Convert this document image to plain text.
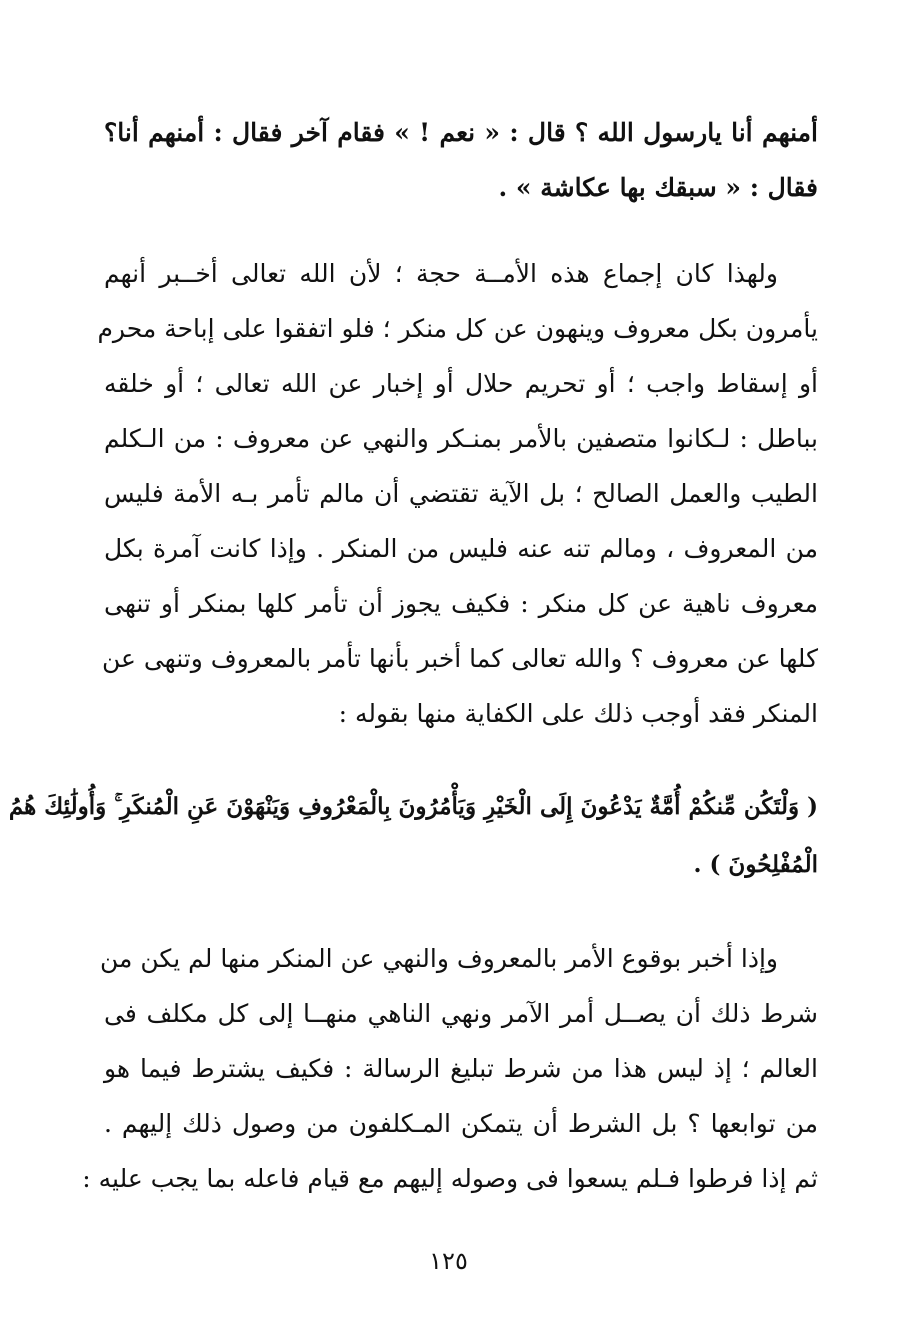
أمنهم أنا يارسول الله ؟ قال : « نعم ! » فقام آخر فقال : أمنهم أنا؟
فقال : « سبقك بها عكاشة » .

ولهذا كان إجماع هذه الأمــة حجة ؛ لأن الله تعالى أخــبر أنهم
يأمرون بكل معروف وينهون عن كل منكر ؛ فلو اتفقوا على إباحة محرم
أو إسقاط واجب ؛ أو تحريم حلال أو إخبار عن الله تعالى ؛ أو خلقه
بباطل : لـكانوا متصفين بالأمر بمنـكر والنهي عن معروف : من الـكلم
الطيب والعمل الصالح ؛ بل الآية تقتضي أن مالم تأمر بـه الأمة فليس
من المعروف ، ومالم تنه عنه فليس من المنكر . وإذا كانت آمرة بكل
معروف ناهية عن كل منكر : فكيف يجوز أن تأمر كلها بمنكر أو تنهى
كلها عن معروف ؟ والله تعالى كما أخبر بأنها تأمر بالمعروف وتنهى عن
المنكر فقد أوجب ذلك على الكفاية منها بقوله :

( وَلْتَكُن مِّنكُمْ أُمَّةٌ يَدْعُونَ إِلَى الْخَيْرِ وَيَأْمُرُونَ بِالْمَعْرُوفِ وَيَنْهَوْنَ عَنِ الْمُنكَرِ ۚ وَأُولَٰئِكَ هُمُ
الْمُفْلِحُونَ ) .

وإذا أخبر بوقوع الأمر بالمعروف والنهي عن المنكر منها لم يكن من
شرط ذلك أن يصــل أمر الآمر ونهي الناهي منهــا إلى كل مكلف فى
العالم ؛ إذ ليس هذا من شرط تبليغ الرسالة : فكيف يشترط فيما هو
من توابعها ؟ بل الشرط أن يتمكن المـكلفون من وصول ذلك إليهم .
ثم إذا فرطوا فـلم يسعوا فى وصوله إليهم مع قيام فاعله بما يجب عليه :

١٢٥
